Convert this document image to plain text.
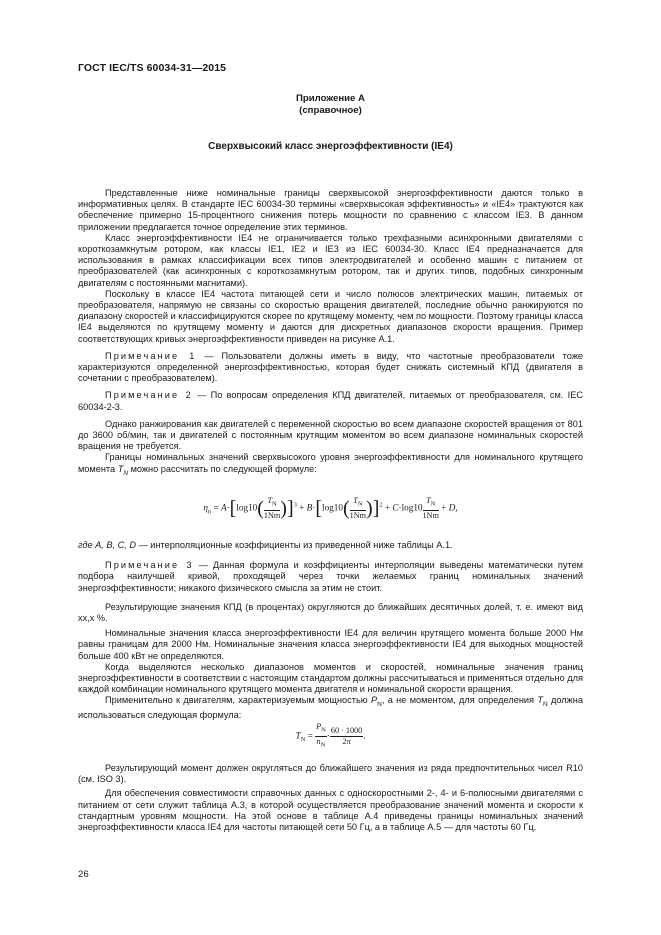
ГОСТ IEC/TS 60034-31—2015
Приложение А
(справочное)
Сверхвысокий класс энергоэффективности (IE4)

Представленные ниже номинальные границы сверхвысокой энергоэффективности даются только в информативных целях. В стандарте IEC 60034-30 термины «сверхвысокая эффективность» и «IE4» трактуются как обеспечение примерно 15-процентного снижения потерь мощности по сравнению с классом IE3. В данном приложении предлагается точное определение этих терминов.

Класс энергоэффективности IE4 не ограничивается только трехфазными асинхронными двигателями с короткозамкнутым ротором, как классы IE1, IE2 и IE3 из IEC 60034-30. Класс IE4 предназначается для использования в рамках классификации всех типов электродвигателей и особенно машин с питанием от преобразователей (как асинхронных с короткозамкнутым ротором, так и других типов, подобных синхронным двигателям с постоянными магнитами).

Поскольку в классе IE4 частота питающей сети и число полюсов электрических машин, питаемых от преобразователя, напрямую не связаны со скоростью вращения двигателей, последние обычно ранжируются по диапазону скоростей и классифицируются скорее по крутящему моменту, чем по мощности. Поэтому границы класса IE4 выделяются по крутящему моменту и даются для дискретных диапазонов скорости вращения. Пример соответствующих кривых энергоэффективности приведен на рисунке А.1.

Примечание 1 — Пользователи должны иметь в виду, что частотные преобразователи тоже характеризуются определенной энергоэффективностью, которая будет снижать системный КПД (двигателя в сочетании с преобразователем).

Примечание 2 — По вопросам определения КПД двигателей, питаемых от преобразователя, см. IEC 60034-2-3.

Однако ранжирования как двигателей с переменной скоростью во всем диапазоне скоростей вращения от 801 до 3600 об/мин, так и двигателей с постоянным крутящим моментом во всем диапазоне номинальных скоростей вращения не требуется.

Границы номинальных значений сверхвысокого уровня энергоэффективности для номинального крутящего момента $T_N$ можно рассчитать по следующей формуле:

$\eta_n = A\cdot[\log 10( \frac{T_N}{1Nm} )]^3 + B\cdot[\log 10( \frac{T_N}{1Nm} )]^2 + C\cdot\log 10 \frac{T_N}{1Nm} + D$,

где A, B, C, D — интерполяционные коэффициенты из приведенной ниже таблицы А.1.

Примечание 3 — Данная формула и коэффициенты интерполяции выведены математически путем подбора наилучшей кривой, проходящей через точки желаемых границ номинальных значений энергоэффективности; никакого физического смысла за этим не стоит.

Результирующие значения КПД (в процентах) округляются до ближайших десятичных долей, т. е. имеют вид xx,x %.

Номинальные значения класса энергоэффективности IE4 для величин крутящего момента больше 2000 Нм равны границам для 2000 Нм. Номинальные значения класса энергоэффективности IE4 для выходных мощностей больше 400 кВт не определяются.

Когда выделяются несколько диапазонов моментов и скоростей, номинальные значения границ энергоэффективности в соответствии с настоящим стандартом должны рассчитываться и применяться отдельно для каждой комбинации номинального крутящего момента двигателя и номинальной скорости вращения.

Применительно к двигателям, характеризуемым мощностью $P_N$, а не моментом, для определения $T_N$ должна использоваться следующая формула:

$T_N = \frac{P_N}{n_N} \cdot \frac{60 \cdot 1000}{2\pi}$ .

Результирующий момент должен округляться до ближайшего значения из ряда предпочтительных чисел R10 (см. ISO 3).

Для обеспечения совместимости справочных данных с односкоростными 2-, 4- и 6-полюсными двигателями с питанием от сети служит таблица А.3, в которой осуществляется преобразование значений момента и скорости к стандартным уровням мощности. На этой основе в таблице А.4 приведены границы номинальных значений энергоэффективности класса IE4 для частоты питающей сети 50 Гц, а в таблице А.5 — для частоты 60 Гц.

26
